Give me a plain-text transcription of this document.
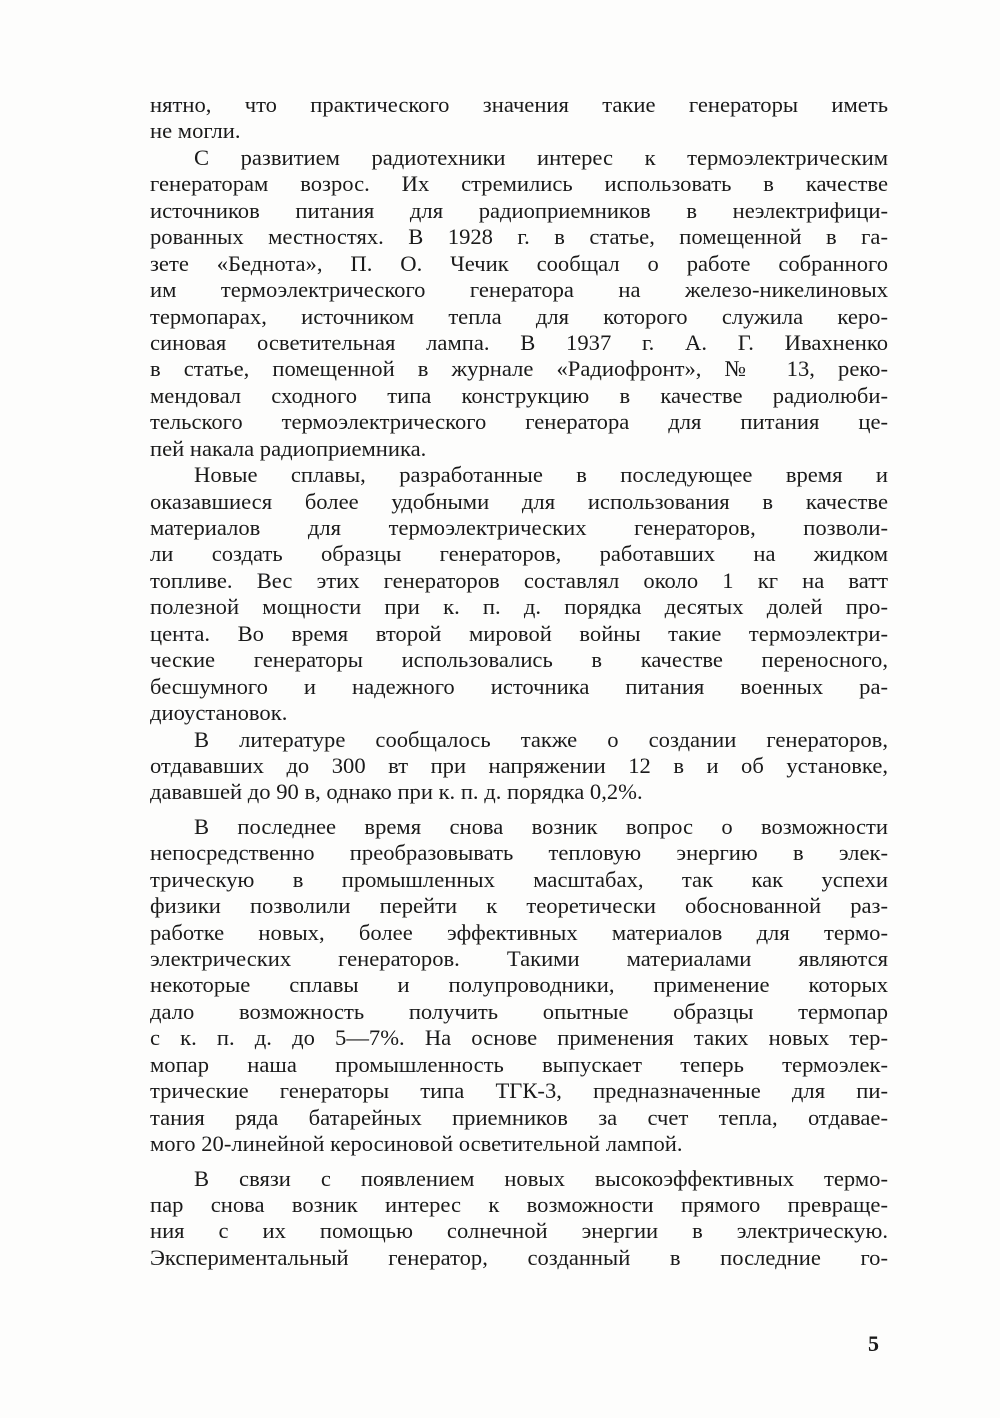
нятно, что практического значения такие генераторы иметь
не могли.
С развитием радиотехники интерес к термоэлектрическим
генераторам возрос. Их стремились использовать в качестве
источников питания для радиоприемников в неэлектрифици-
рованных местностях. В 1928 г. в статье, помещенной в га-
зете «Беднота», П. О. Чечик сообщал о работе собранного
им термоэлектрического генератора на железо-никелиновых
термопарах, источником тепла для которого служила керо-
синовая осветительная лампа. В 1937 г. А. Г. Ивахненко
в статье, помещенной в журнале «Радиофронт», № 13, реко-
мендовал сходного типа конструкцию в качестве радиолюби-
тельского термоэлектрического генератора для питания це-
пей накала радиоприемника.
Новые сплавы, разработанные в последующее время и
оказавшиеся более удобными для использования в качестве
материалов для термоэлектрических генераторов, позволи-
ли создать образцы генераторов, работавших на жидком
топливе. Вес этих генераторов составлял около 1 кг на ватт
полезной мощности при к. п. д. порядка десятых долей про-
цента. Во время второй мировой войны такие термоэлектри-
ческие генераторы использовались в качестве переносного,
бесшумного и надежного источника питания военных ра-
диоустановок.
В литературе сообщалось также о создании генераторов,
отдававших до 300 вт при напряжении 12 в и об установке,
дававшей до 90 в, однако при к. п. д. порядка 0,2%.
В последнее время снова возник вопрос о возможности
непосредственно преобразовывать тепловую энергию в элек-
трическую в промышленных масштабах, так как успехи
физики позволили перейти к теоретически обоснованной раз-
работке новых, более эффективных материалов для термо-
электрических генераторов. Такими материалами являются
некоторые сплавы и полупроводники, применение которых
дало возможность получить опытные образцы термопар
с к. п. д. до 5—7%. На основе применения таких новых тер-
мопар наша промышленность выпускает теперь термоэлек-
трические генераторы типа ТГК-3, предназначенные для пи-
тания ряда батарейных приемников за счет тепла, отдавае-
мого 20-линейной керосиновой осветительной лампой.
В связи с появлением новых высокоэффективных термо-
пар снова возник интерес к возможности прямого превраще-
ния с их помощью солнечной энергии в электрическую.
Экспериментальный генератор, созданный в последние го-
5
